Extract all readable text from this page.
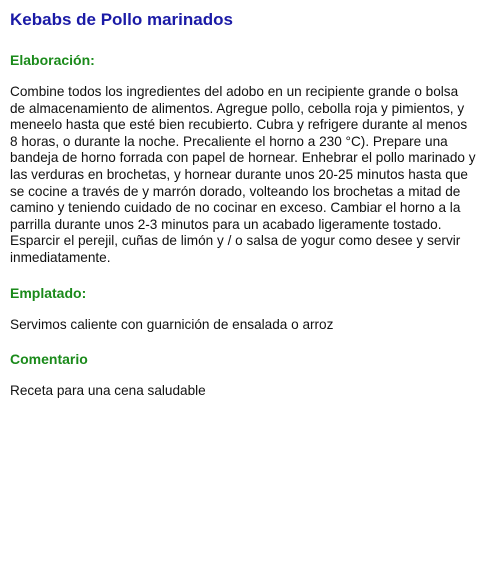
Kebabs de Pollo marinados
Elaboración:

Combine todos los ingredientes del adobo en un recipiente grande o bolsa de almacenamiento de alimentos. Agregue pollo, cebolla roja y pimientos, y meneelo hasta que esté bien recubierto. Cubra y refrigere durante al menos 8 horas, o durante la noche. Precaliente el horno a 230 °C). Prepare una bandeja de horno forrada con papel de hornear. Enhebrar el pollo marinado y las verduras en brochetas, y hornear durante unos 20-25 minutos hasta que se cocine a través de y marrón dorado, volteando los brochetas a mitad de camino y teniendo cuidado de no cocinar en exceso. Cambiar el horno a la parrilla durante unos 2-3 minutos para un acabado ligeramente tostado. Esparcir el perejil, cuñas de limón y / o salsa de yogur como desee y servir inmediatamente.

Emplatado:

Servimos caliente con guarnición de ensalada o arroz

Comentario

Receta para una cena saludable
